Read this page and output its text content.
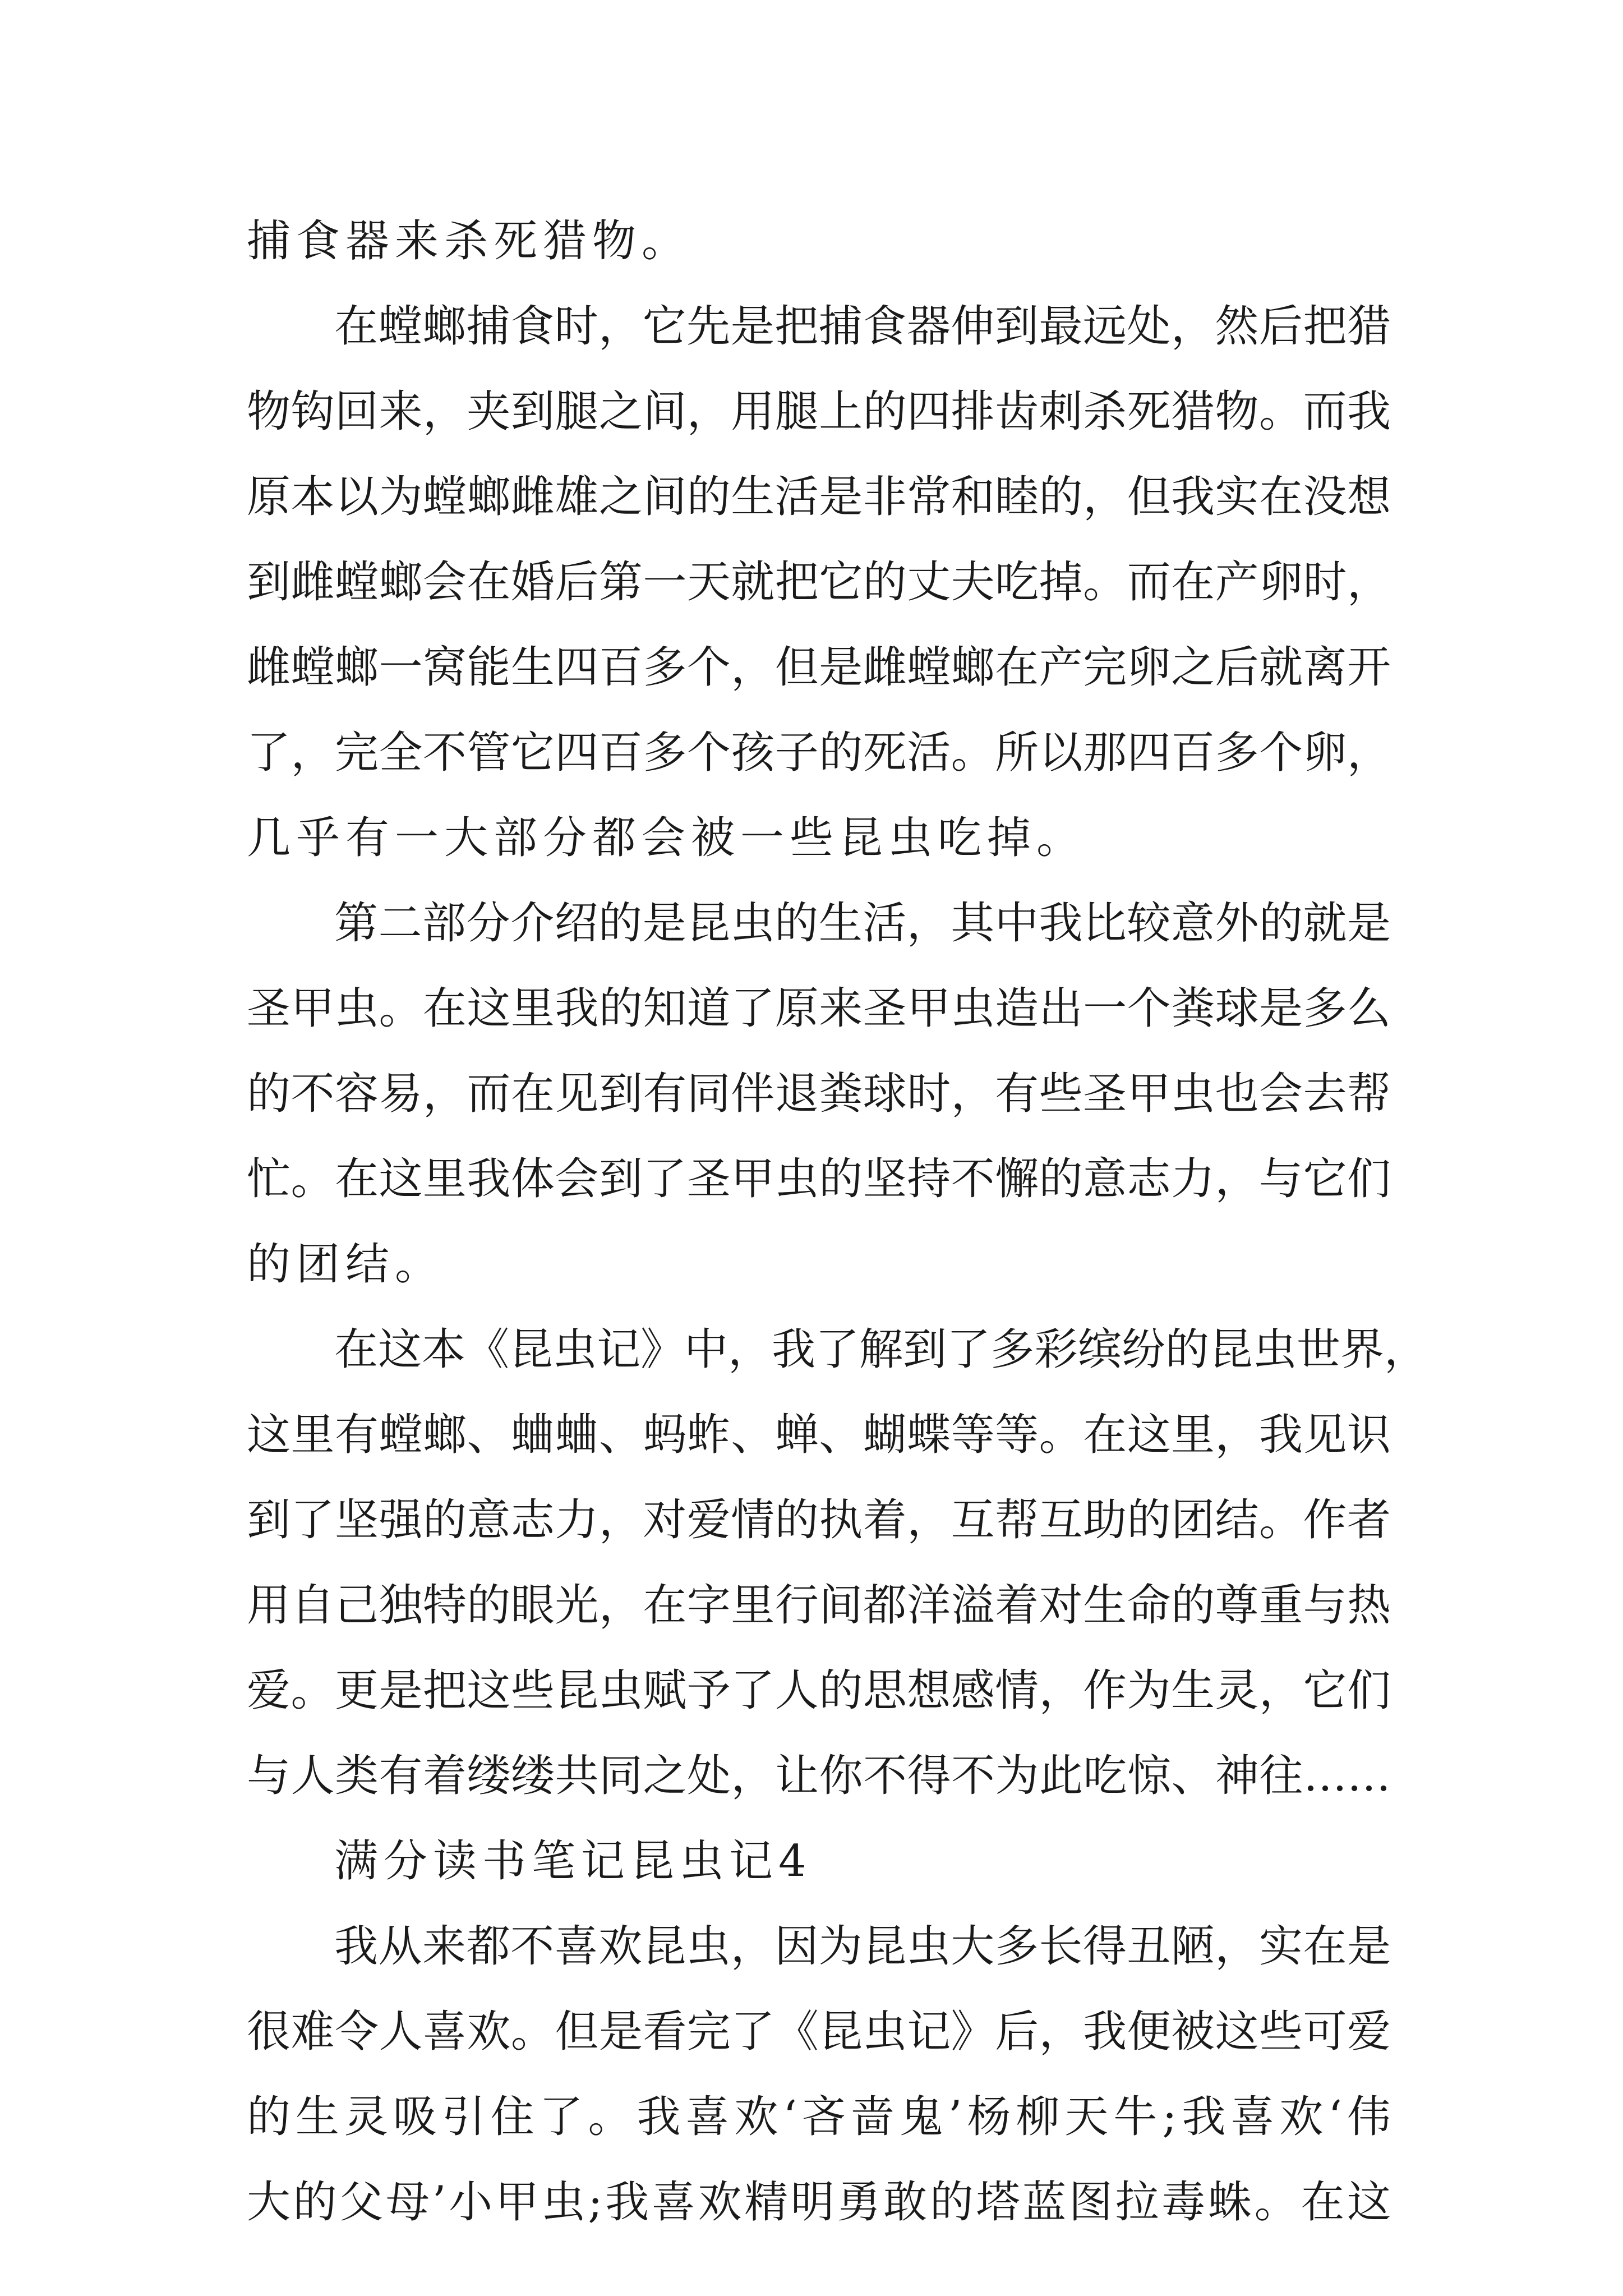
捕食器来杀死猎物。
在螳螂捕食时，它先是把捕食器伸到最远处，然后把猎
物钩回来，夹到腿之间，用腿上的四排齿刺杀死猎物。而我
原本以为螳螂雌雄之间的生活是非常和睦的，但我实在没想
到雌螳螂会在婚后第一天就把它的丈夫吃掉。而在产卵时，
雌螳螂一窝能生四百多个，但是雌螳螂在产完卵之后就离开
了，完全不管它四百多个孩子的死活。所以那四百多个卵，
几乎有一大部分都会被一些昆虫吃掉。
第二部分介绍的是昆虫的生活，其中我比较意外的就是
圣甲虫。在这里我的知道了原来圣甲虫造出一个粪球是多么
的不容易，而在见到有同伴退粪球时，有些圣甲虫也会去帮
忙。在这里我体会到了圣甲虫的坚持不懈的意志力，与它们
的团结。
在这本《昆虫记》中，我了解到了多彩缤纷的昆虫世界，
这里有螳螂、蛐蛐、蚂蚱、蝉、蝴蝶等等。在这里，我见识
到了坚强的意志力，对爱情的执着，互帮互助的团结。作者
用自己独特的眼光，在字里行间都洋溢着对生命的尊重与热
爱。更是把这些昆虫赋予了人的思想感情，作为生灵，它们
与人类有着缕缕共同之处，让你不得不为此吃惊、神往……
满分读书笔记昆虫记4
我从来都不喜欢昆虫，因为昆虫大多长得丑陋，实在是
很难令人喜欢。但是看完了《昆虫记》后，我便被这些可爱
的生灵吸引住了。我喜欢‘吝啬鬼’杨柳天牛;我喜欢‘伟
大的父母’小甲虫;我喜欢精明勇敢的塔蓝图拉毒蛛。在这
